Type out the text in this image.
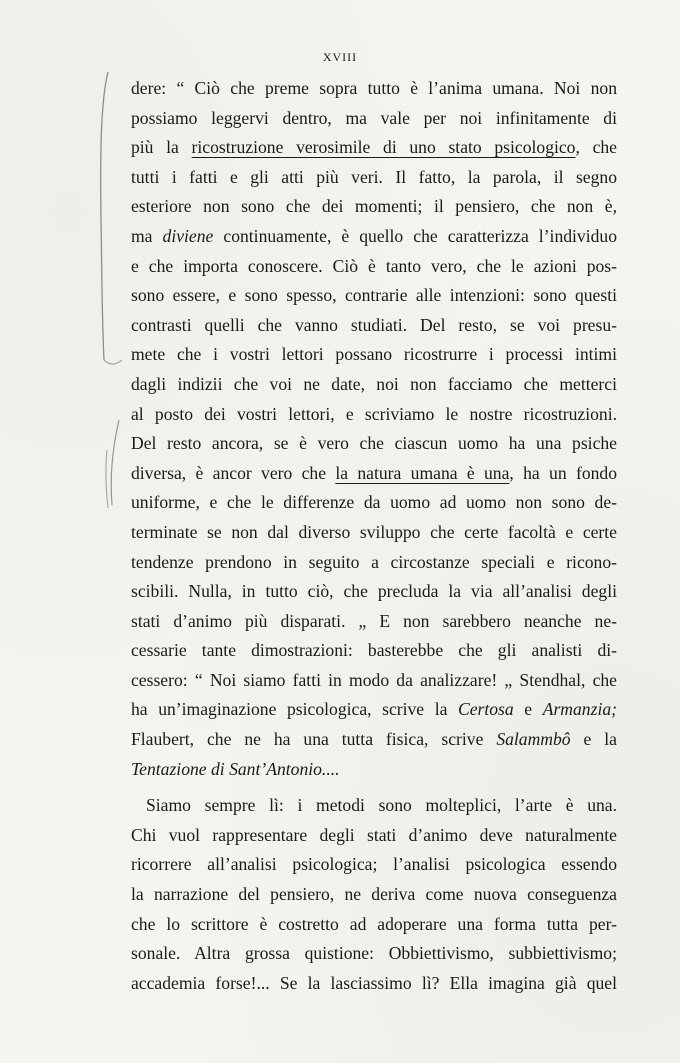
XVIII
dere: “ Ciò che preme sopra tutto è l’anima umana. Noi non
possiamo leggervi dentro, ma vale per noi infinitamente di
più la ricostruzione verosimile di uno stato psicologico, che
tutti i fatti e gli atti più veri. Il fatto, la parola, il segno
esteriore non sono che dei momenti; il pensiero, che non è,
ma diviene continuamente, è quello che caratterizza l’individuo
e che importa conoscere. Ciò è tanto vero, che le azioni pos-
sono essere, e sono spesso, contrarie alle intenzioni: sono questi
contrasti quelli che vanno studiati. Del resto, se voi presu-
mete che i vostri lettori possano ricostrurre i processi intimi
dagli indizii che voi ne date, noi non facciamo che metterci
al posto dei vostri lettori, e scriviamo le nostre ricostruzioni.
Del resto ancora, se è vero che ciascun uomo ha una psiche
diversa, è ancor vero che la natura umana è una, ha un fondo
uniforme, e che le differenze da uomo ad uomo non sono de-
terminate se non dal diverso sviluppo che certe facoltà e certe
tendenze prendono in seguito a circostanze speciali e ricono-
scibili. Nulla, in tutto ciò, che precluda la via all’analisi degli
stati d’animo più disparati. „ E non sarebbero neanche ne-
cessarie tante dimostrazioni: basterebbe che gli analisti di-
cessero: “ Noi siamo fatti in modo da analizzare! „ Stendhal, che
ha un’imaginazione psicologica, scrive la Certosa e Armanzia;
Flaubert, che ne ha una tutta fisica, scrive Salammbô e la
Tentazione di Sant’Antonio....
Siamo sempre lì: i metodi sono molteplici, l’arte è una.
Chi vuol rappresentare degli stati d’animo deve naturalmente
ricorrere all’analisi psicologica; l’analisi psicologica essendo
la narrazione del pensiero, ne deriva come nuova conseguenza
che lo scrittore è costretto ad adoperare una forma tutta per-
sonale. Altra grossa quistione: Obbiettivismo, subbiettivismo;
accademia forse!... Se la lasciassimo lì? Ella imagina già quel
